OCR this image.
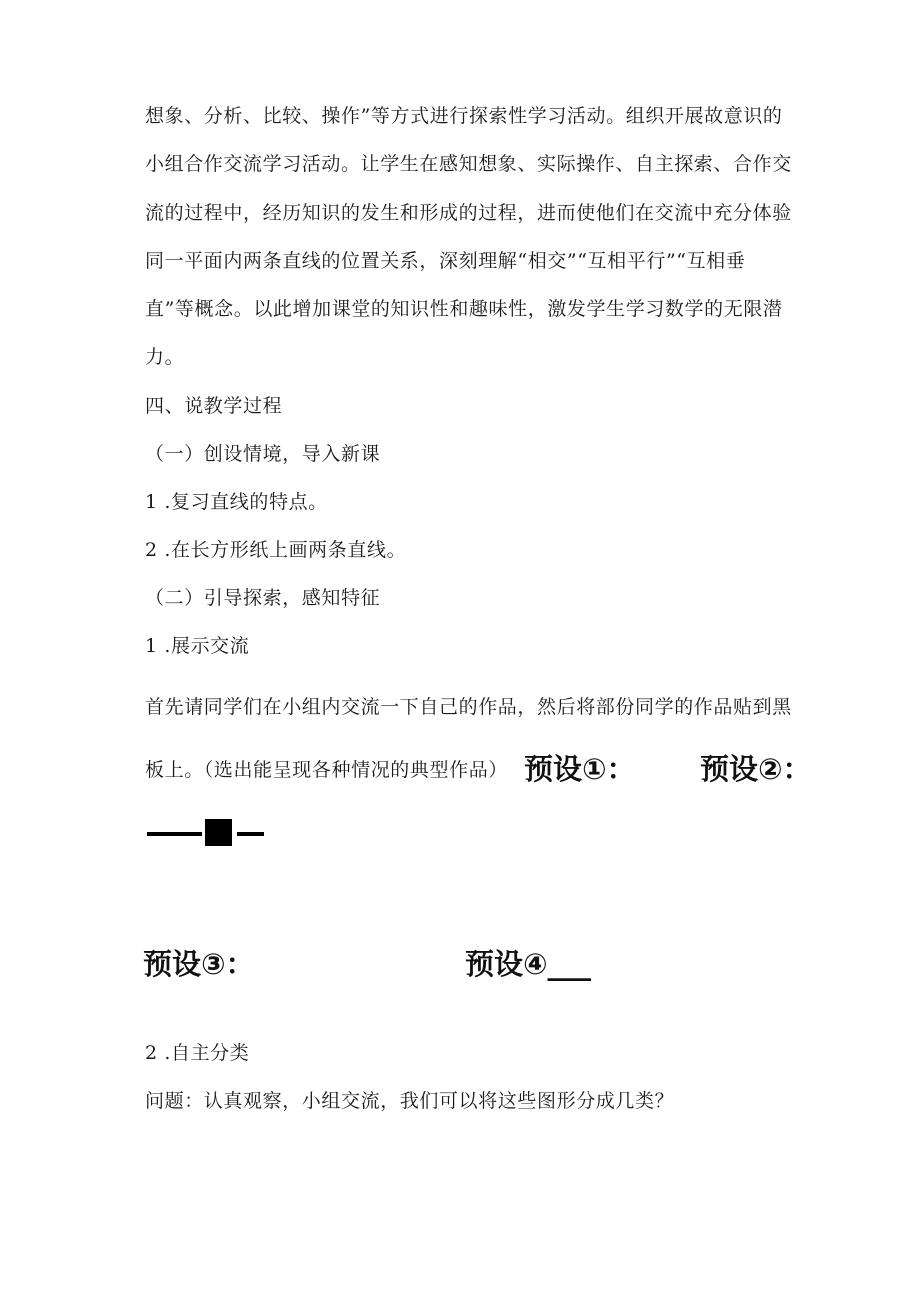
想象、分析、比较、操作”等方式进行探索性学习活动。组织开展故意识的
小组合作交流学习活动。让学生在感知想象、实际操作、自主探索、合作交
流的过程中，经历知识的发生和形成的过程，进而使他们在交流中充分体验
同一平面内两条直线的位置关系，深刻理解“相交”“互相平行”“互相垂
直”等概念。以此增加课堂的知识性和趣味性，激发学生学习数学的无限潜
力。
四、说教学过程
（一）创设情境，导入新课
1 .复习直线的特点。
2 .在长方形纸上画两条直线。
（二）引导探索，感知特征
1 .展示交流
首先请同学们在小组内交流一下自己的作品，然后将部份同学的作品贴到黑
板上。（选出能呈现各种情况的典型作品） 预设①： 预设②：
预设③：	预设④___
2 .自主分类
问题：认真观察，小组交流，我们可以将这些图形分成几类？
